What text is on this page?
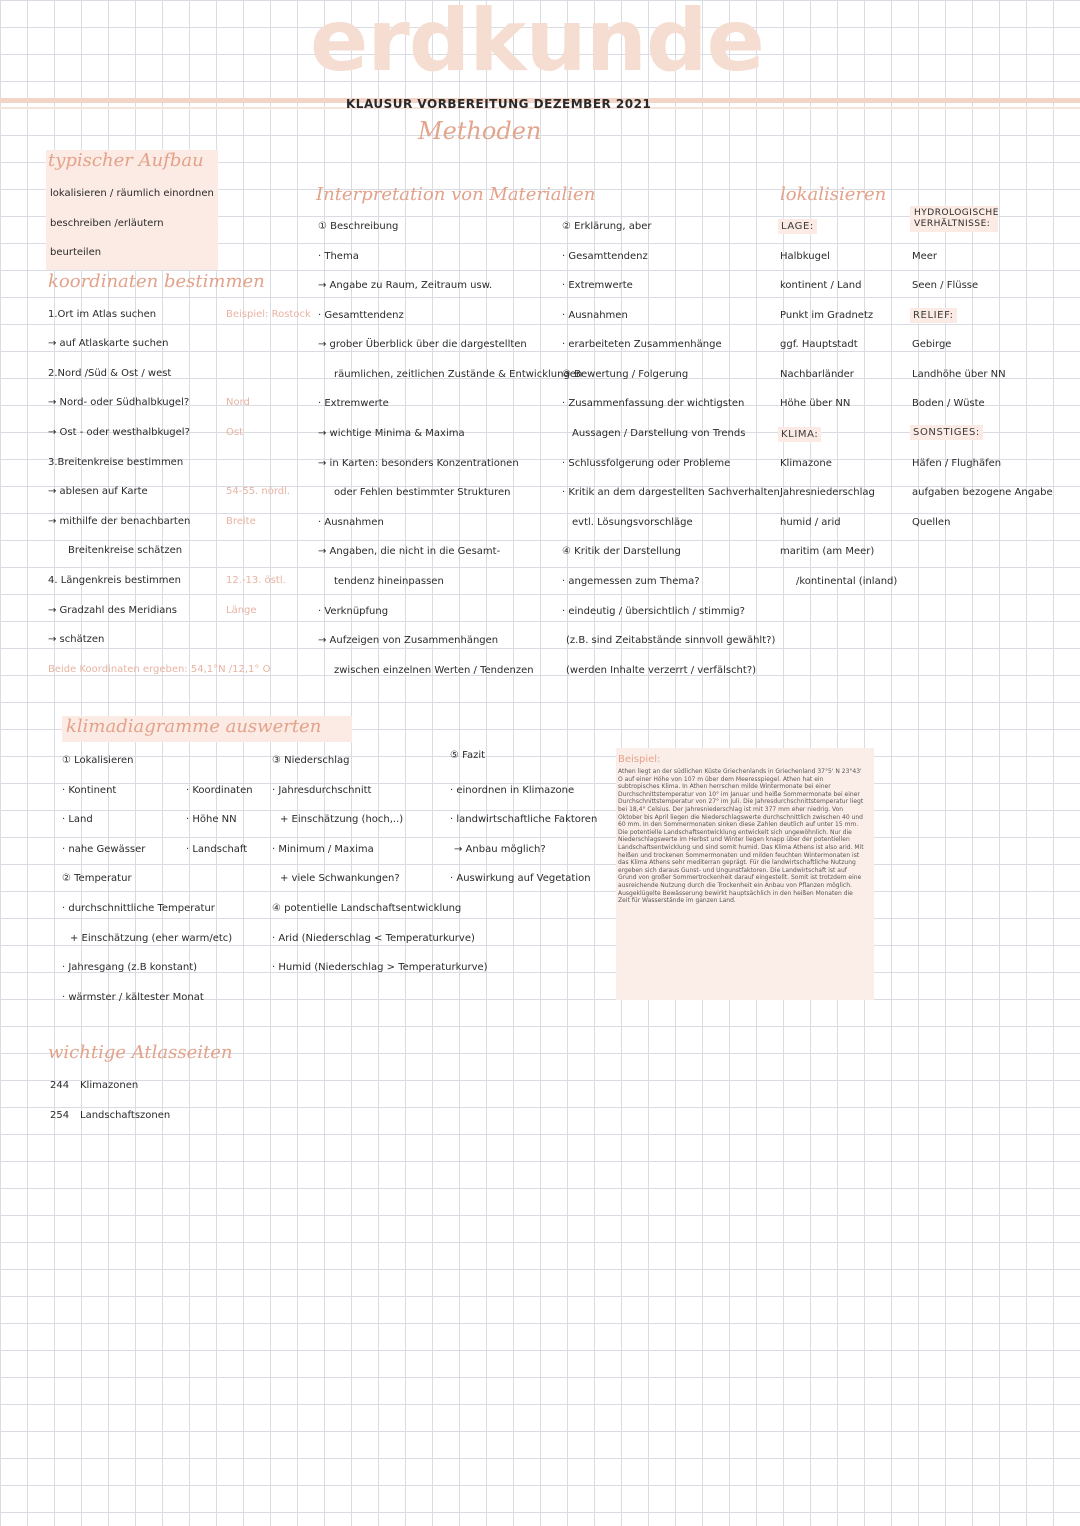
erdkunde
KLAUSUR VORBEREITUNG DEZEMBER 2021
Methoden
typischer Aufbau
lokalisieren / räumlich einordnen
beschreiben /erläutern
beurteilen
koordinaten bestimmen
1.Ort im Atlas suchen
→ auf Atlaskarte suchen
2.Nord /Süd & Ost / west
→ Nord- oder Südhalbkugel?
→ Ost - oder westhalbkugel?
3.Breitenkreise bestimmen
→ ablesen auf Karte
→ mithilfe der benachbarten
Breitenkreise schätzen
4. Längenkreis bestimmen
→ Gradzahl des Meridians
→ schätzen
Beispiel: Rostock
Nord
Ost
54-55. nördl.
Breite
12.-13. östl.
Länge
Beide Koordinaten ergeben: 54,1°N /12,1° O
Interpretation von Materialien
① Beschreibung
· Thema
→ Angabe zu Raum, Zeitraum usw.
· Gesamttendenz
→ grober Überblick über die dargestellten
räumlichen, zeitlichen Zustände & Entwicklungen
· Extremwerte
→ wichtige Minima & Maxima
→ in Karten: besonders Konzentrationen
oder Fehlen bestimmter Strukturen
· Ausnahmen
→ Angaben, die nicht in die Gesamt-
tendenz hineinpassen
· Verknüpfung
→ Aufzeigen von Zusammenhängen
zwischen einzelnen Werten / Tendenzen
② Erklärung, aber
· Gesamttendenz
· Extremwerte
· Ausnahmen
· erarbeiteten Zusammenhänge
③ Bewertung / Folgerung
· Zusammenfassung der wichtigsten
Aussagen / Darstellung von Trends
· Schlussfolgerung oder Probleme
· Kritik an dem dargestellten Sachverhalten
evtl. Lösungsvorschläge
④ Kritik der Darstellung
· angemessen zum Thema?
· eindeutig / übersichtlich / stimmig?
(z.B. sind Zeitabstände sinnvoll gewählt?)
(werden Inhalte verzerrt / verfälscht?)
lokalisieren
LAGE:
Halbkugel
kontinent / Land
Punkt im Gradnetz
ggf. Hauptstadt
Nachbarländer
Höhe über NN
KLIMA:
Klimazone
Jahresniederschlag
humid / arid
maritim (am Meer)
/kontinental (inland)
HYDROLOGISCHE VERHÄLTNISSE:
Meer
Seen / Flüsse
RELIEF:
Gebirge
Landhöhe über NN
Boden / Wüste
SONSTIGES:
Häfen / Flughäfen
aufgaben bezogene Angabe
Quellen
klimadiagramme auswerten
① Lokalisieren
· Kontinent
· Land
· nahe Gewässer
② Temperatur
· durchschnittliche Temperatur
+ Einschätzung (eher warm/etc)
· Jahresgang (z.B konstant)
· wärmster / kältester Monat
· Koordinaten
· Höhe NN
· Landschaft
③ Niederschlag
· Jahresdurchschnitt
+ Einschätzung (hoch,..)
· Minimum / Maxima
+ viele Schwankungen?
④ potentielle Landschaftsentwicklung
· Arid (Niederschlag < Temperaturkurve)
· Humid (Niederschlag > Temperaturkurve)
⑤ Fazit
· einordnen in Klimazone
· landwirtschaftliche Faktoren
→ Anbau möglich?
· Auswirkung auf Vegetation
Beispiel:
Athen liegt an der südlichen Küste Griechenlands in Griechenland 37°5' N 23°43' O auf einer Höhe von 107 m über dem Meeresspiegel. Athen hat ein subtropisches Klima. In Athen herrschen milde Wintermonate bei einer Durchschnittstemperatur von 10° im Januar und heiße Sommermonate bei einer Durchschnittstemperatur von 27° im Juli. Die Jahresdurchschnittstemperatur liegt bei 18,4° Celsius. Der Jahresniederschlag ist mit 377 mm eher niedrig. Von Oktober bis April liegen die Niederschlagswerte durchschnittlich zwischen 40 und 60 mm. In den Sommermonaten sinken diese Zahlen deutlich auf unter 15 mm. Die potentielle Landschaftsentwicklung entwickelt sich ungewöhnlich. Nur die Niederschlagswerte im Herbst und Winter liegen knapp über der potentiellen Landschaftsentwicklung und sind somit humid. Das Klima Athens ist also arid. Mit heißen und trockenen Sommermonaten und milden feuchten Wintermonaten ist das Klima Athens sehr mediterran geprägt. Für die landwirtschaftliche Nutzung ergeben sich daraus Gunst- und Ungunstfaktoren. Die Landwirtschaft ist auf Grund von großer Sommertrockenheit darauf eingestellt. Somit ist trotzdem eine ausreichende Nutzung durch die Trockenheit ein Anbau von Pflanzen möglich. Ausgeklügelte Bewässerung bewirkt hauptsächlich in den heißen Monaten die Zeit für Wasserstände im ganzen Land.
wichtige Atlasseiten
244 Klimazonen
254 Landschaftszonen
